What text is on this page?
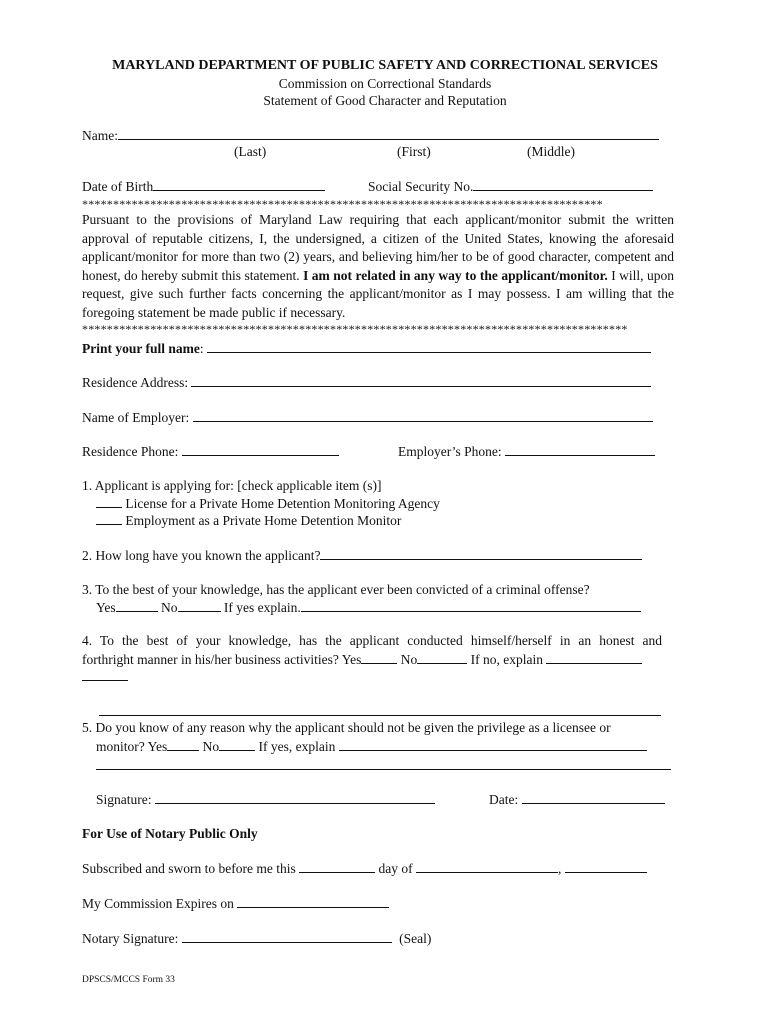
MARYLAND DEPARTMENT OF PUBLIC SAFETY AND CORRECTIONAL SERVICES
Commission on Correctional Standards
Statement of Good Character and Reputation
Name:
(Last)	(First)	(Middle)
Date of Birth	Social Security No.
************************************************************************************
Pursuant to the provisions of Maryland Law requiring that each applicant/monitor submit the written approval of reputable citizens, I, the undersigned, a citizen of the United States, knowing the aforesaid applicant/monitor for more than two (2) years, and believing him/her to be of good character, competent and honest, do hereby submit this statement. I am not related in any way to the applicant/monitor. I will, upon request, give such further facts concerning the applicant/monitor as I may possess. I am willing that the foregoing statement be made public if necessary.
****************************************************************************************
Print your full name:
Residence Address:
Name of Employer:
Residence Phone:	Employer’s Phone:
1. Applicant is applying for: [check applicable item (s)]
License for a Private Home Detention Monitoring Agency
Employment as a Private Home Detention Monitor
2. How long have you known the applicant?
3. To the best of your knowledge, has the applicant ever been convicted of a criminal offense?
Yes	No	If yes explain.
4. To the best of your knowledge, has the applicant conducted himself/herself in an honest and
forthright manner in his/her business activities? Yes	No	If no, explain
5. Do you know of any reason why the applicant should not be given the privilege as a licensee or
monitor? Yes	No	If yes, explain
Signature:	Date:
For Use of Notary Public Only
Subscribed and sworn to before me this	day of	,
My Commission Expires on
Notary Signature:	(Seal)
DPSCS/MCCS Form 33
